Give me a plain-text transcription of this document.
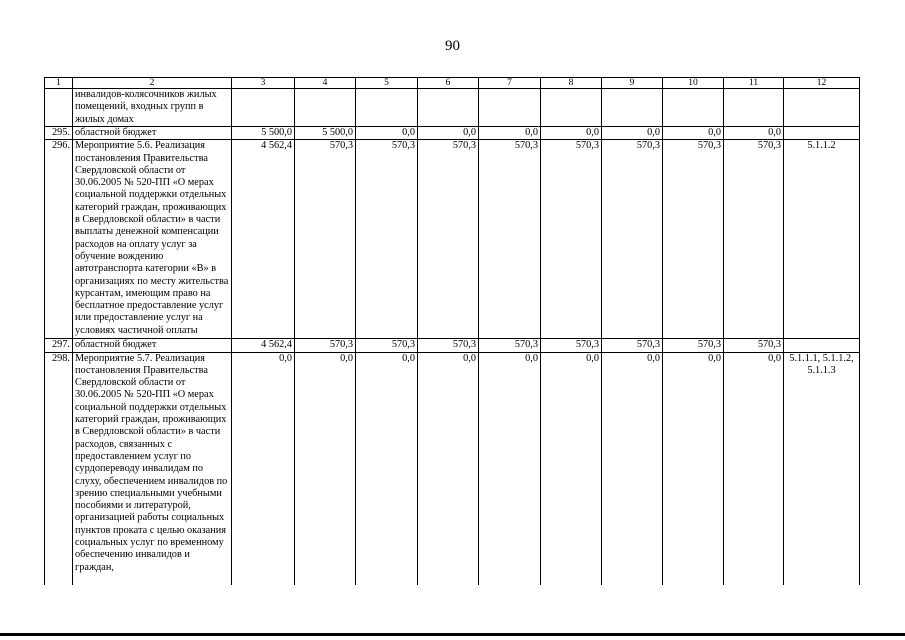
90
1	2	3	4	5	6	7	8	9	10	11	12
	инвалидов-колясочников жилых помещений, входных групп в жилых домах										
295.	областной бюджет	5 500,0	5 500,0	0,0	0,0	0,0	0,0	0,0	0,0	0,0	
296.	Мероприятие 5.6. Реализация постановления Правительства Свердловской области от 30.06.2005 № 520-ПП «О мерах социальной поддержки отдельных категорий граждан, проживающих в Свердловской области» в части выплаты денежной компенсации расходов на оплату услуг за обучение вождению автотранспорта категории «В» в организациях по месту жительства курсантам, имеющим право на бесплатное предоставление услуг или предоставление услуг на условиях частичной оплаты	4 562,4	570,3	570,3	570,3	570,3	570,3	570,3	570,3	570,3	5.1.1.2
297.	областной бюджет	4 562,4	570,3	570,3	570,3	570,3	570,3	570,3	570,3	570,3	
298.	Мероприятие 5.7. Реализация постановления Правительства Свердловской области от 30.06.2005 № 520-ПП «О мерах социальной поддержки отдельных категорий граждан, проживающих в Свердловской области» в части расходов, связанных с предоставлением услуг по сурдопереводу инвалидам по слуху, обеспечением инвалидов по зрению специальными учебными пособиями и литературой, организацией работы социальных пунктов проката с целью оказания социальных услуг по временному обеспечению инвалидов и граждан,	0,0	0,0	0,0	0,0	0,0	0,0	0,0	0,0	0,0	5.1.1.1, 5.1.1.2, 5.1.1.3
